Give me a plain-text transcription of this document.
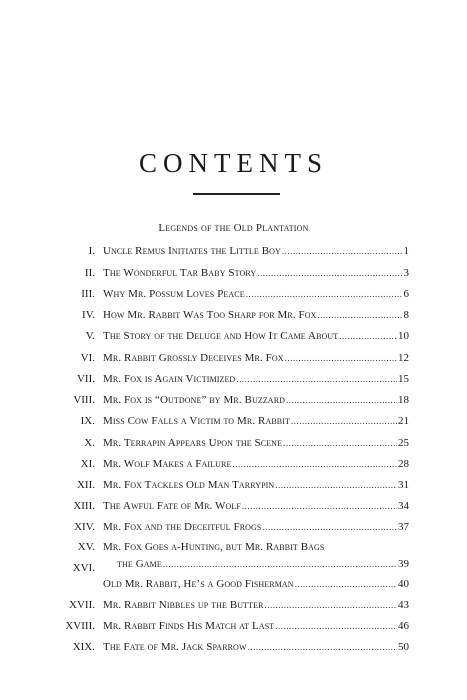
CONTENTS
Legends of the Old Plantation
I. Uncle Remus Initiates the Little Boy .....	1
II. The Wonderful Tar Baby Story .....	3
III. Why Mr. Possum Loves Peace .....	6
IV. How Mr. Rabbit Was Too Sharp for Mr. Fox .....	8
V. The Story of the Deluge and How It Came About .....	10
VI. Mr. Rabbit Grossly Deceives Mr. Fox .....	12
VII. Mr. Fox is Again Victimized .....	15
VIII. Mr. Fox is “Outdone” by Mr. Buzzard .....	18
IX. Miss Cow Falls a Victim to Mr. Rabbit .....	21
X. Mr. Terrapin Appears Upon the Scene .....	25
XI. Mr. Wolf Makes a Failure .....	28
XII. Mr. Fox Tackles Old Man Tarrypin .....	31
XIII. The Awful Fate of Mr. Wolf .....	34
XIV. Mr. Fox and the Deceitful Frogs .....	37
XV. Mr. Fox Goes a-Hunting, but Mr. Rabbit Bags
XVI. the Game .....	39
Old Mr. Rabbit, He’s a Good Fisherman .....	40
XVII. Mr. Rabbit Nibbles up the Butter .....	43
XVIII. Mr. Rabbit Finds His Match at Last .....	46
XIX. The Fate of Mr. Jack Sparrow .....	50
